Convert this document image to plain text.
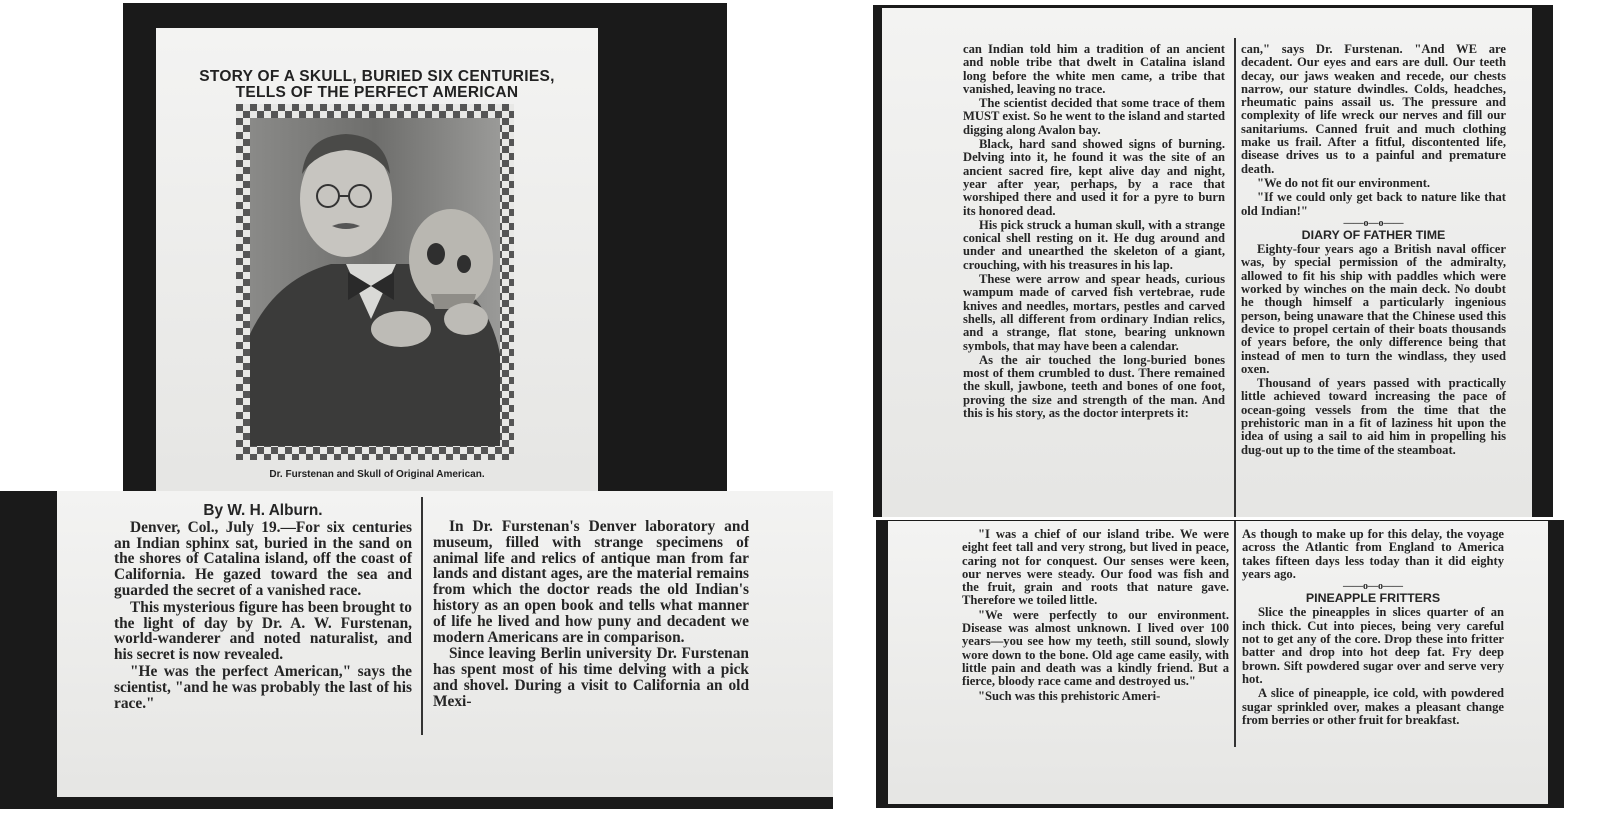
STORY OF A SKULL, BURIED SIX CENTURIES,
TELLS OF THE PERFECT AMERICAN
Dr. Furstenan and Skull of Original American.

By W. H. Alburn.

Denver, Col., July 19.—For six centuries an Indian sphinx sat, buried in the sand on the shores of Catalina island, off the coast of California. He gazed toward the sea and guarded the secret of a vanished race.

This mysterious figure has been brought to the light of day by Dr. A. W. Furstenan, world-wanderer and noted naturalist, and his secret is now revealed.

"He was the perfect American," says the scientist, "and he was probably the last of his race."

In Dr. Furstenan's Denver laboratory and museum, filled with strange specimens of animal life and relics of antique man from far lands and distant ages, are the material remains from which the doctor reads the old Indian's history as an open book and tells what manner of life he lived and how puny and decadent we modern Americans are in comparison.

Since leaving Berlin university Dr. Furstenan has spent most of his time delving with a pick and shovel. During a visit to California an old Mexi-

can Indian told him a tradition of an ancient and noble tribe that dwelt in Catalina island long before the white men came, a tribe that vanished, leaving no trace.

The scientist decided that some trace of them MUST exist. So he went to the island and started digging along Avalon bay.

Black, hard sand showed signs of burning. Delving into it, he found it was the site of an ancient sacred fire, kept alive day and night, year after year, perhaps, by a race that worshiped there and used it for a pyre to burn its honored dead.

His pick struck a human skull, with a strange conical shell resting on it. He dug around and under and unearthed the skeleton of a giant, crouching, with his treasures in his lap.

These were arrow and spear heads, curious wampum made of carved fish vertebrae, rude knives and needles, mortars, pestles and carved shells, all different from ordinary Indian relics, and a strange, flat stone, bearing unknown symbols, that may have been a calendar.

As the air touched the long-buried bones most of them crumbled to dust. There remained the skull, jawbone, teeth and bones of one foot, proving the size and strength of the man. And this is his story, as the doctor interprets it:

can," says Dr. Furstenan. "And WE are decadent. Our eyes and ears are dull. Our teeth decay, our jaws weaken and recede, our chests narrow, our stature dwindles. Colds, headches, rheumatic pains assail us. The pressure and complexity of life wreck our nerves and fill our sanitariums. Canned fruit and much clothing make us frail. After a fitful, discontented life, disease drives us to a painful and premature death.

"We do not fit our environment.

"If we could only get back to nature like that old Indian!"

——o—o——

DIARY OF FATHER TIME

Eighty-four years ago a British naval officer was, by special permission of the admiralty, allowed to fit his ship with paddles which were worked by winches on the main deck. No doubt he though himself a particularly ingenious person, being unaware that the Chinese used this device to propel certain of their boats thousands of years before, the only difference being that instead of men to turn the windlass, they used oxen.

Thousand of years passed with practically little achieved toward increasing the pace of ocean-going vessels from the time that the prehistoric man in a fit of laziness hit upon the idea of using a sail to aid him in propelling his dug-out up to the time of the steamboat.

"I was a chief of our island tribe. We were eight feet tall and very strong, but lived in peace, caring not for conquest. Our senses were keen, our nerves were steady. Our food was fish and the fruit, grain and roots that nature gave. Therefore we toiled little.

"We were perfectly to our environment. Disease was almost unknown. I lived over 100 years—you see how my teeth, still sound, slowly wore down to the bone. Old age came easily, with little pain and death was a kindly friend. But a fierce, bloody race came and destroyed us."

"Such was this prehistoric Ameri-

As though to make up for this delay, the voyage across the Atlantic from England to America takes fifteen days less today than it did eighty years ago.

——o—o——

PINEAPPLE FRITTERS

Slice the pineapples in slices quarter of an inch thick. Cut into pieces, being very careful not to get any of the core. Drop these into fritter batter and drop into hot deep fat. Fry deep brown. Sift powdered sugar over and serve very hot.

A slice of pineapple, ice cold, with powdered sugar sprinkled over, makes a pleasant change from berries or other fruit for breakfast.
